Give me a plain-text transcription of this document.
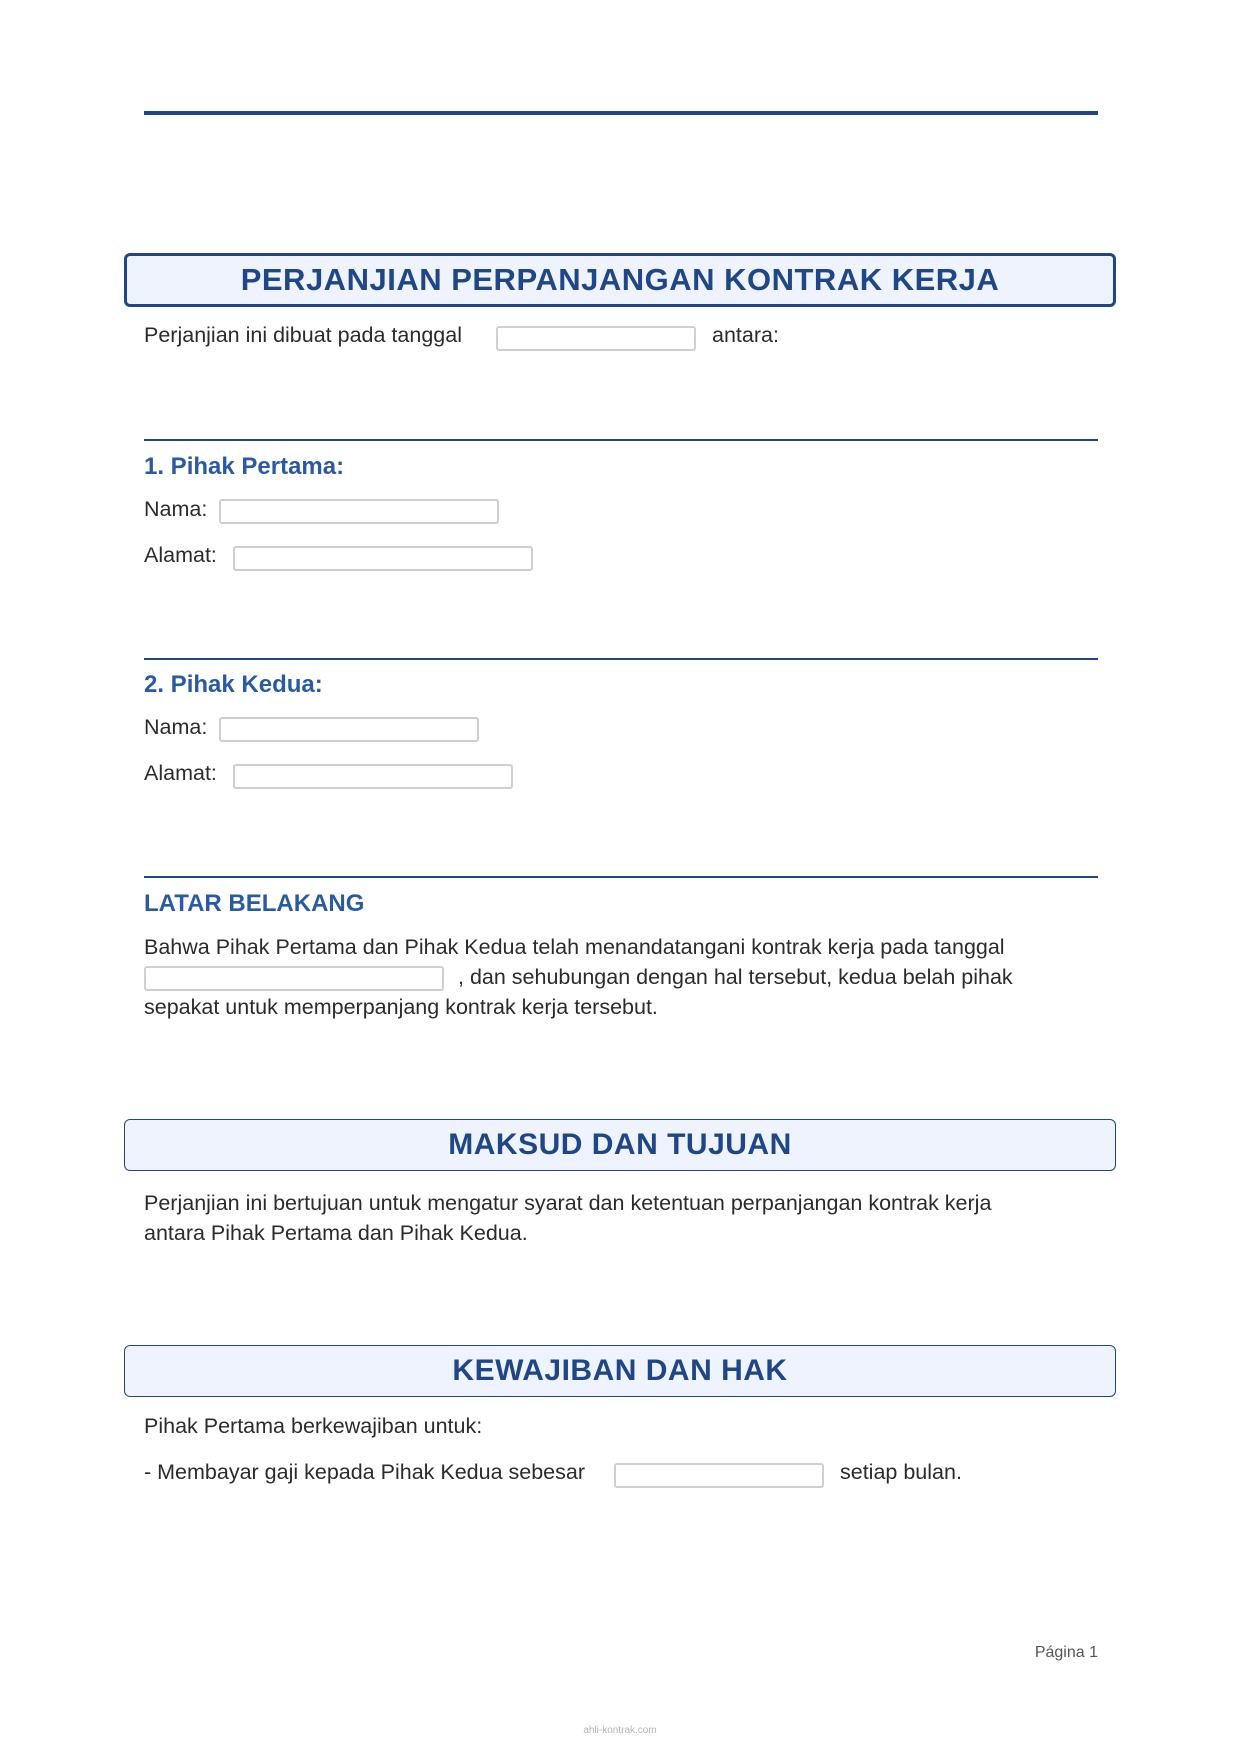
PERJANJIAN PERPANJANGAN KONTRAK KERJA
Perjanjian ini dibuat pada tanggal	antara:
1. Pihak Pertama:
Nama:
Alamat:
2. Pihak Kedua:
Nama:
Alamat:
LATAR BELAKANG
Bahwa Pihak Pertama dan Pihak Kedua telah menandatangani kontrak kerja pada tanggal
, dan sehubungan dengan hal tersebut, kedua belah pihak
sepakat untuk memperpanjang kontrak kerja tersebut.
MAKSUD DAN TUJUAN
Perjanjian ini bertujuan untuk mengatur syarat dan ketentuan perpanjangan kontrak kerja
antara Pihak Pertama dan Pihak Kedua.
KEWAJIBAN DAN HAK
Pihak Pertama berkewajiban untuk:
- Membayar gaji kepada Pihak Kedua sebesar	setiap bulan.
Página 1
ahli-kontrak.com
